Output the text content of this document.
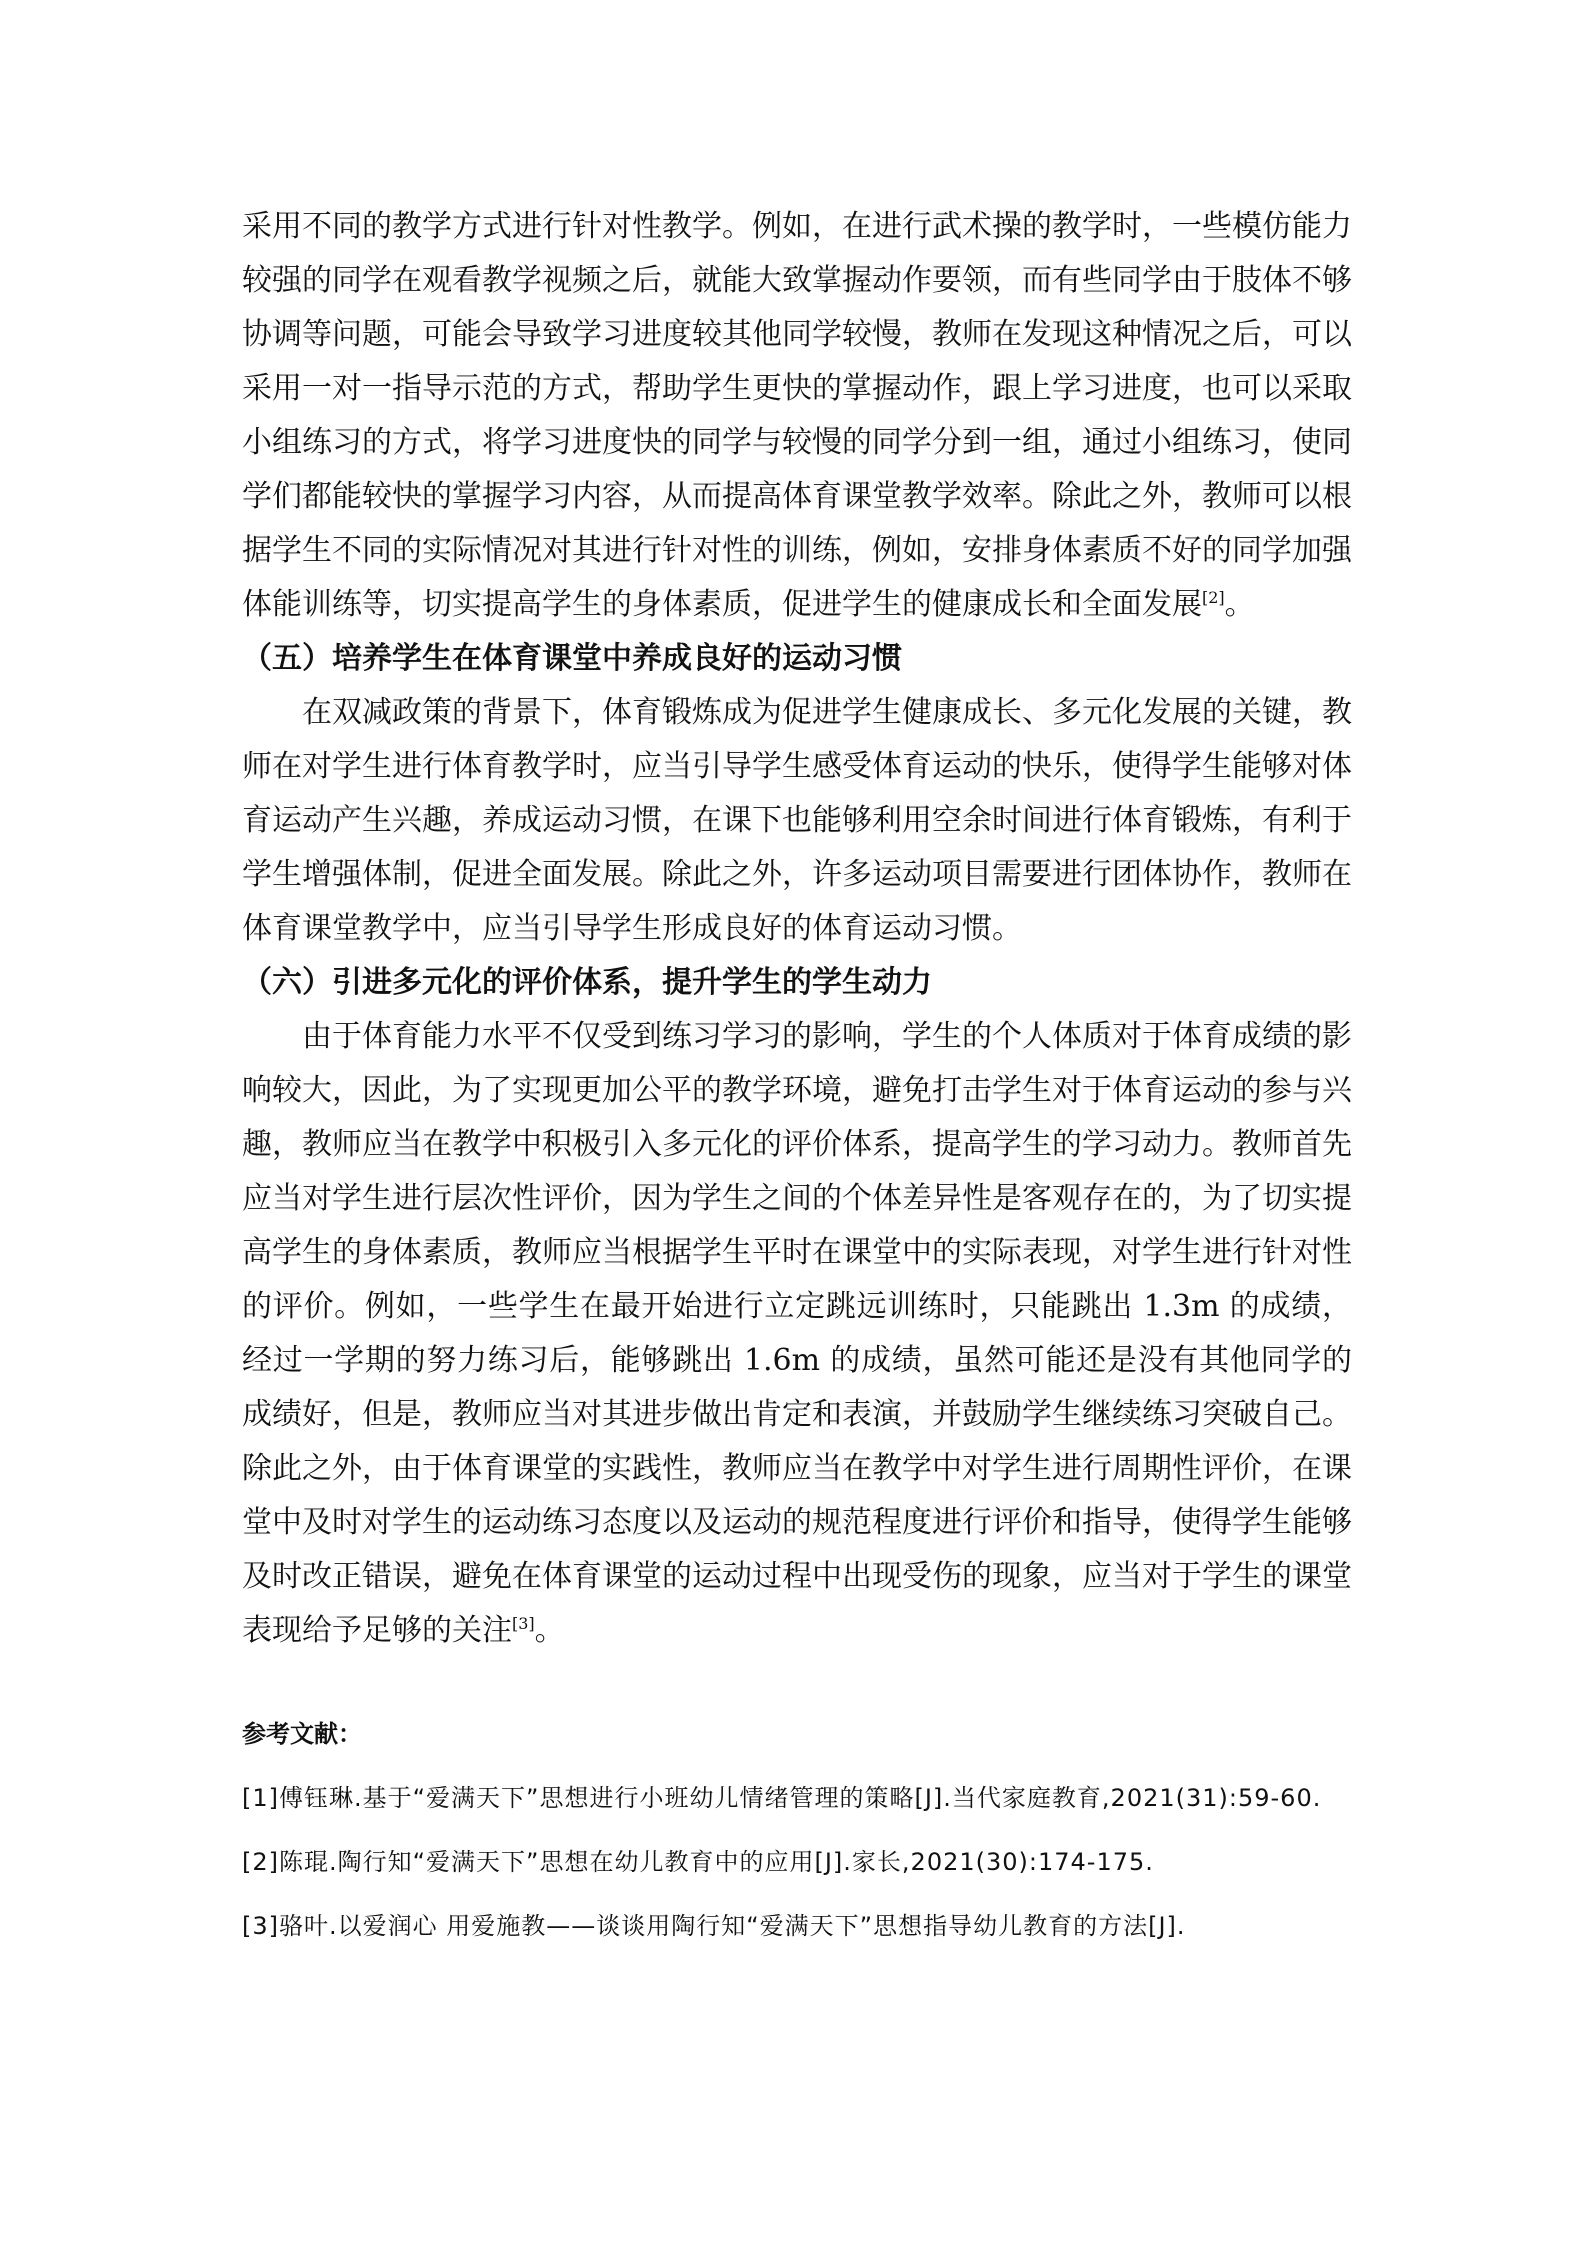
采用不同的教学方式进行针对性教学。例如，在进行武术操的教学时，一些模仿能力较强的同学在观看教学视频之后，就能大致掌握动作要领，而有些同学由于肢体不够协调等问题，可能会导致学习进度较其他同学较慢，教师在发现这种情况之后，可以采用一对一指导示范的方式，帮助学生更快的掌握动作，跟上学习进度，也可以采取小组练习的方式，将学习进度快的同学与较慢的同学分到一组，通过小组练习，使同学们都能较快的掌握学习内容，从而提高体育课堂教学效率。除此之外，教师可以根据学生不同的实际情况对其进行针对性的训练，例如，安排身体素质不好的同学加强体能训练等，切实提高学生的身体素质，促进学生的健康成长和全面发展[2]。

（五）培养学生在体育课堂中养成良好的运动习惯

在双减政策的背景下，体育锻炼成为促进学生健康成长、多元化发展的关键，教师在对学生进行体育教学时，应当引导学生感受体育运动的快乐，使得学生能够对体育运动产生兴趣，养成运动习惯，在课下也能够利用空余时间进行体育锻炼，有利于学生增强体制，促进全面发展。除此之外，许多运动项目需要进行团体协作，教师在体育课堂教学中，应当引导学生形成良好的体育运动习惯。

（六）引进多元化的评价体系，提升学生的学生动力

由于体育能力水平不仅受到练习学习的影响，学生的个人体质对于体育成绩的影响较大，因此，为了实现更加公平的教学环境，避免打击学生对于体育运动的参与兴趣，教师应当在教学中积极引入多元化的评价体系，提高学生的学习动力。教师首先应当对学生进行层次性评价，因为学生之间的个体差异性是客观存在的，为了切实提高学生的身体素质，教师应当根据学生平时在课堂中的实际表现，对学生进行针对性的评价。例如，一些学生在最开始进行立定跳远训练时，只能跳出 1.3m 的成绩，经过一学期的努力练习后，能够跳出 1.6m 的成绩，虽然可能还是没有其他同学的成绩好，但是，教师应当对其进步做出肯定和表演，并鼓励学生继续练习突破自己。除此之外，由于体育课堂的实践性，教师应当在教学中对学生进行周期性评价，在课堂中及时对学生的运动练习态度以及运动的规范程度进行评价和指导，使得学生能够及时改正错误，避免在体育课堂的运动过程中出现受伤的现象，应当对于学生的课堂表现给予足够的关注[3]。

参考文献：

[1]傅钰琳.基于“爱满天下”思想进行小班幼儿情绪管理的策略[J].当代家庭教育,2021(31):59-60.

[2]陈琨.陶行知“爱满天下”思想在幼儿教育中的应用[J].家长,2021(30):174-175.

[3]骆叶.以爱润心 用爱施教——谈谈用陶行知“爱满天下”思想指导幼儿教育的方法[J].
